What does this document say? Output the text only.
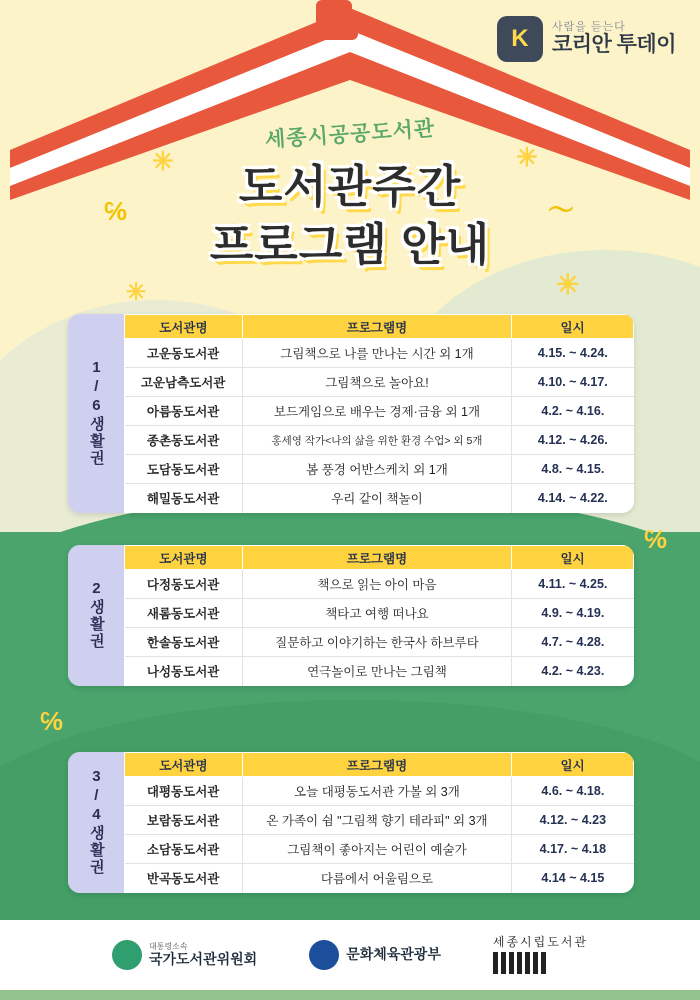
K	사람을 듣는다
코리안 투데이
세종시공공도서관
도서관주간
프로그램 안내
✳	✳
✳	✳
℅	〜
℅
℅
1/6생활권
도서관명	프로그램명	일시
고운동도서관	그림책으로 나를 만나는 시간 외 1개	4.15. ~ 4.24.
고운남측도서관	그림책으로 놀아요!	4.10. ~ 4.17.
아름동도서관	보드게임으로 배우는 경제·금융 외 1개	4.2. ~ 4.16.
종촌동도서관	홍세영 작가<나의 삶을 위한 환경 수업> 외 5개	4.12. ~ 4.26.
도담동도서관	봄 풍경 어반스케치 외 1개	4.8. ~ 4.15.
해밀동도서관	우리 같이 책놀이	4.14. ~ 4.22.
2생활권
도서관명	프로그램명	일시
다정동도서관	책으로 읽는 아이 마음	4.11. ~ 4.25.
새롬동도서관	책타고 여행 떠나요	4.9. ~ 4.19.
한솔동도서관	질문하고 이야기하는 한국사 하브루타	4.7. ~ 4.28.
나성동도서관	연극놀이로 만나는 그림책	4.2. ~ 4.23.
3/4생활권
도서관명	프로그램명	일시
대평동도서관	오늘 대평동도서관 가볼 외 3개	4.6. ~ 4.18.
보람동도서관	온 가족이 쉼 "그림책 향기 테라피" 외 3개	4.12. ~ 4.23
소담동도서관	그림책이 좋아지는 어린이 예술가	4.17. ~ 4.18
반곡동도서관	다름에서 어울림으로	4.14 ~ 4.15
대통령소속
국가도서관위원회	문화체육관광부
세종시립도서관
